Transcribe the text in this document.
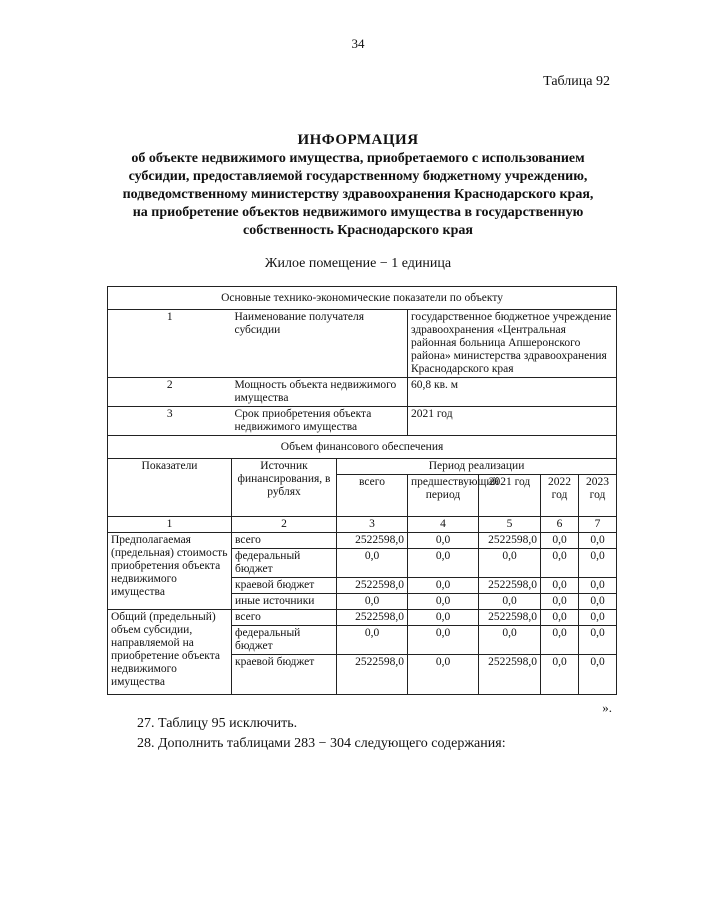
34
Таблица 92
ИНФОРМАЦИЯ
об объекте недвижимого имущества, приобретаемого с использованием
субсидии, предоставляемой государственному бюджетному учреждению,
подведомственному министерству здравоохранения Краснодарского края,
на приобретение объектов недвижимого имущества в государственную
собственность Краснодарского края
Жилое помещение − 1 единица
Основные технико-экономические показатели по объекту						
1	Наименование получателя субсидии		государственное бюджетное учреждение здравоохранения «Центральная районная больница Апшеронского района» министерства здравоохранения Краснодарского края			
2	Мощность объекта недвижимого имущества		60,8 кв. м			
3	Срок приобретения объекта недвижимого имущества		2021 год			
Объем финансового обеспечения						
Показатели	Источник финансирования, в рублях	Период реализации				
		всего	предшествующий период	2021 год	2022 год	2023 год
1	2	3	4	5	6	7
Предполагаемая (предельная) стоимость приобретения объекта недвижимого имущества	всего	2522598,0	0,0	2522598,0	0,0	0,0
	федеральный бюджет	0,0	0,0	0,0	0,0	0,0
	краевой бюджет	2522598,0	0,0	2522598,0	0,0	0,0
	иные источники	0,0	0,0	0,0	0,0	0,0
Общий (предельный) объем субсидии, направляемой на приобретение объекта недвижимого имущества	всего	2522598,0	0,0	2522598,0	0,0	0,0
	федеральный бюджет	0,0	0,0	0,0	0,0	0,0
	краевой бюджет	2522598,0	0,0	2522598,0	0,0	0,0
».
27. Таблицу 95 исключить.
28. Дополнить таблицами 283 − 304 следующего содержания:
